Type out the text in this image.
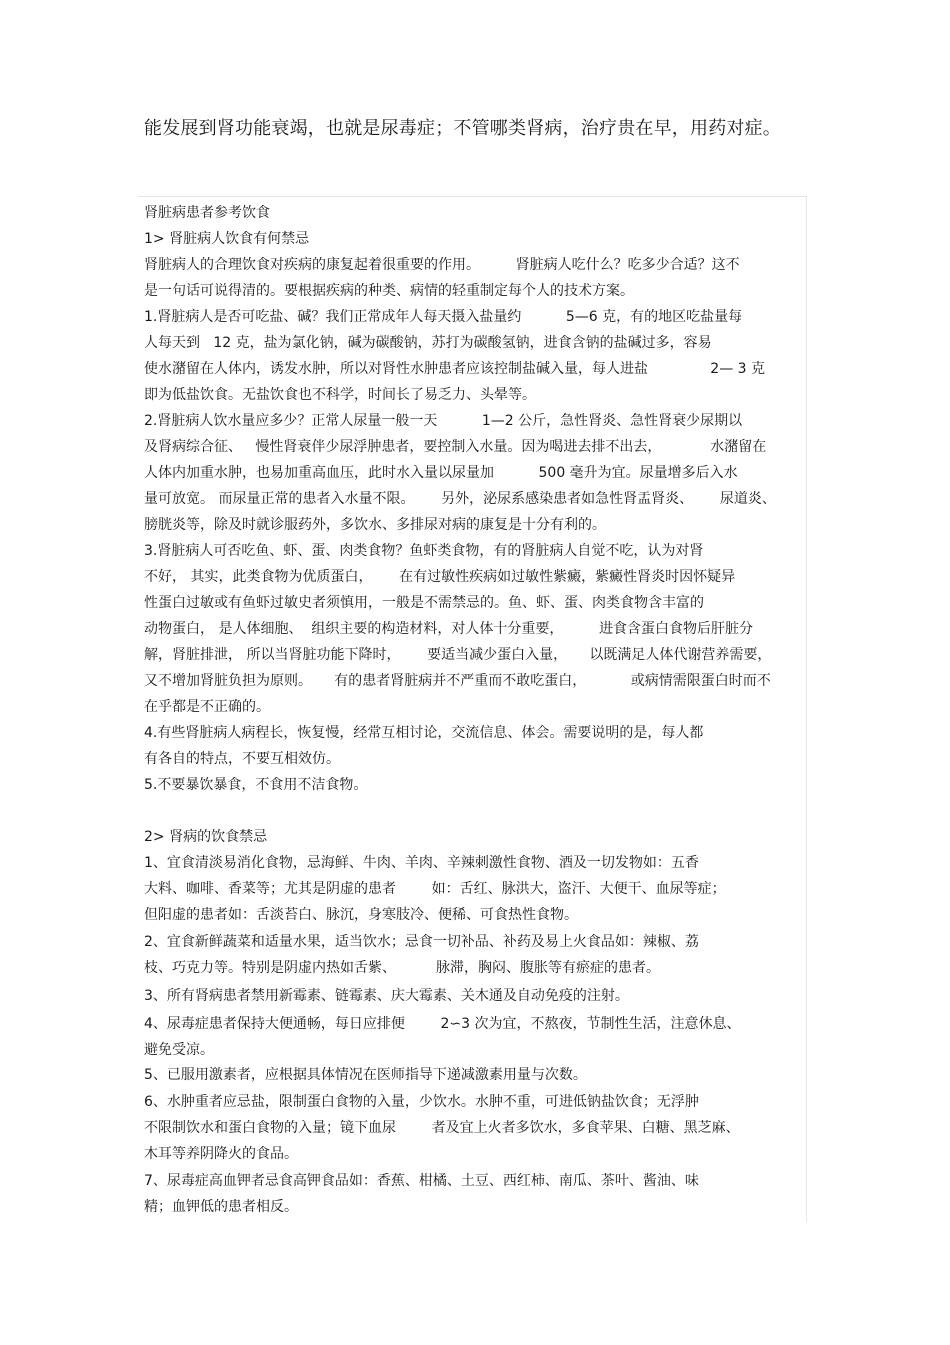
能发展到肾功能衰竭，也就是尿毒症；不管哪类肾病，治疗贵在早，用药对症。
肾脏病患者参考饮食
1> 肾脏病人饮食有何禁忌
肾脏病人的合理饮食对疾病的康复起着很重要的作用。        肾脏病人吃什么？吃多少合适？这不
是一句话可说得清的。要根据疾病的种类、病情的轻重制定每个人的技术方案。
1.肾脏病人是否可吃盐、碱？我们正常成年人每天摄入盐量约          5—6 克，有的地区吃盐量每
人每天到   12 克，盐为氯化钠，碱为碳酸钠，苏打为碳酸氢钠，进食含钠的盐碱过多，容易
使水潴留在人体内，诱发水肿，所以对肾性水肿患者应该控制盐碱入量，每人进盐              2— 3 克
即为低盐饮食。无盐饮食也不科学，时间长了易乏力、头晕等。
2.肾脏病人饮水量应多少？正常人尿量一般一天          1—2 公斤，急性肾炎、急性肾衰少尿期以
及肾病综合征、   慢性肾衰伴少尿浮肿患者，要控制入水量。因为喝进去排不出去，           水潴留在
人体内加重水肿，也易加重高血压，此时水入量以尿量加          500 毫升为宜。尿量增多后入水
量可放宽。 而尿量正常的患者入水量不限。      另外，泌尿系感染患者如急性肾盂肾炎、      尿道炎、
膀胱炎等，除及时就诊服药外，多饮水、多排尿对病的康复是十分有利的。
3.肾脏病人可否吃鱼、虾、蛋、肉类食物？鱼虾类食物，有的肾脏病人自觉不吃，认为对肾
不好， 其实，此类食物为优质蛋白，      在有过敏性疾病如过敏性紫癜，紫癜性肾炎时因怀疑异
性蛋白过敏或有鱼虾过敏史者须慎用，一般是不需禁忌的。鱼、虾、蛋、肉类食物含丰富的
动物蛋白， 是人体细胞、  组织主要的构造材料，对人体十分重要，        进食含蛋白食物后肝脏分
解，肾脏排泄， 所以当肾脏功能下降时，      要适当减少蛋白入量，     以既满足人体代谢营养需要，
又不增加肾脏负担为原则。     有的患者肾脏病并不严重而不敢吃蛋白，          或病情需限蛋白时而不
在乎都是不正确的。
4.有些肾脏病人病程长，恢复慢，经常互相讨论，交流信息、体会。需要说明的是，每人都
有各自的特点，不要互相效仿。
5.不要暴饮暴食，不食用不洁食物。
2> 肾病的饮食禁忌
1、宜食清淡易消化食物，忌海鲜、牛肉、羊肉、辛辣刺激性食物、酒及一切发物如：五香
大料、咖啡、香菜等；尤其是阴虚的患者        如：舌红、脉洪大，盗汗、大便干、血尿等症；
但阳虚的患者如：舌淡苔白、脉沉，身寒肢冷、便稀、可食热性食物。
2、宜食新鲜蔬菜和适量水果，适当饮水；忌食一切补品、补药及易上火食品如：辣椒、荔
枝、巧克力等。特别是阴虚内热如舌紫、         脉滞，胸闷、腹胀等有瘀症的患者。
3、所有肾病患者禁用新霉素、链霉素、庆大霉素、关木通及自动免疫的注射。
4、尿毒症患者保持大便通畅，每日应排便        2∽3 次为宜，不熬夜，节制性生活，注意休息、
避免受凉。
5、已服用激素者，应根据具体情况在医师指导下递减激素用量与次数。
6、水肿重者应忌盐，限制蛋白食物的入量，少饮水。水肿不重，可进低钠盐饮食；无浮肿
不限制饮水和蛋白食物的入量；镜下血尿        者及宜上火者多饮水，多食苹果、白糖、黑芝麻、
木耳等养阴降火的食品。
7、尿毒症高血钾者忌食高钾食品如：香蕉、柑橘、土豆、西红柿、南瓜、茶叶、酱油、味
精；血钾低的患者相反。
